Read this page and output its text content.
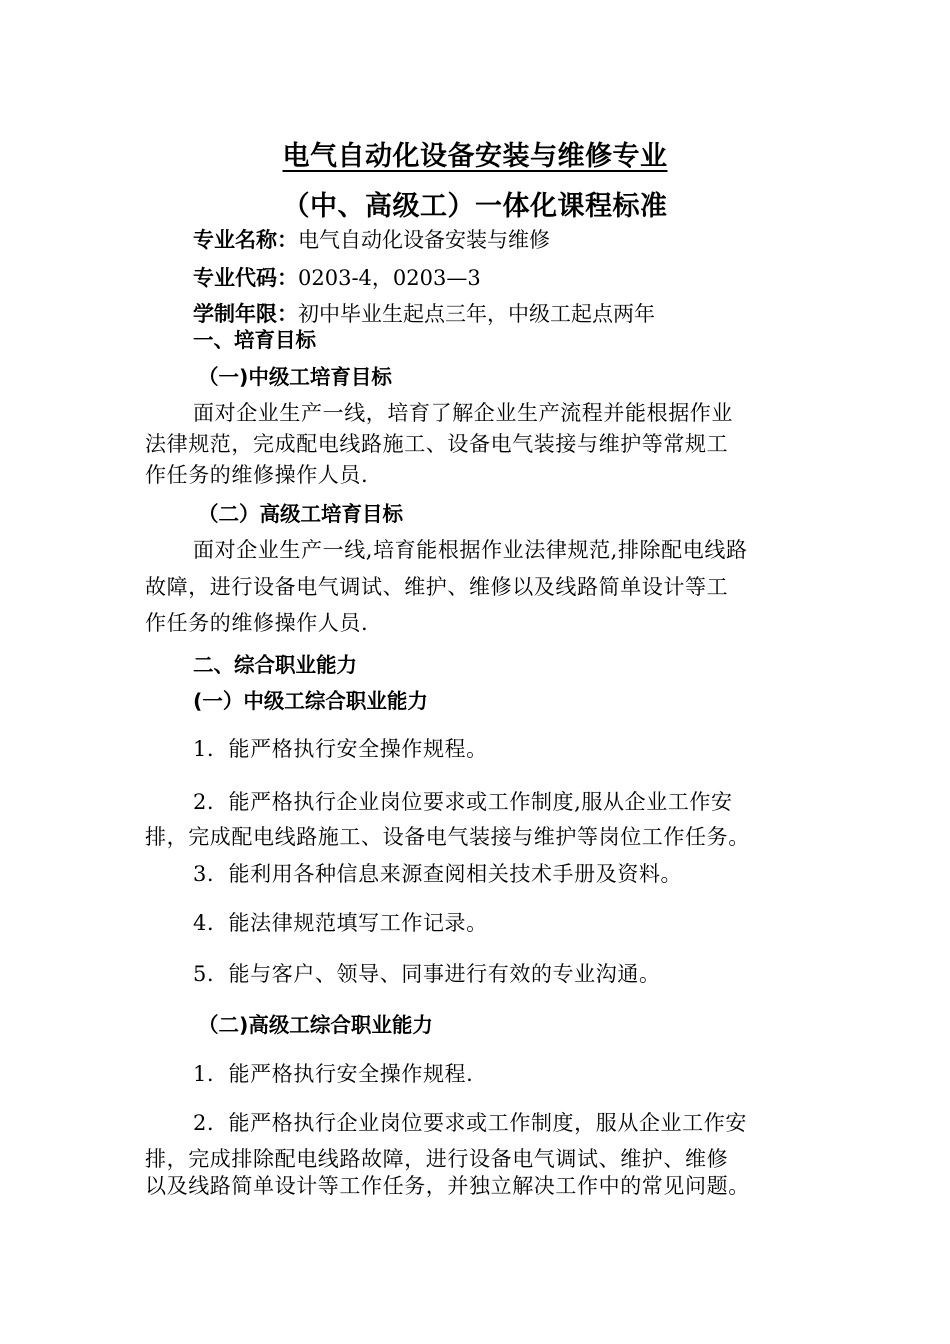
电气自动化设备安装与维修专业
（中、高级工）一体化课程标准
专业名称：电气自动化设备安装与维修
专业代码：0203-4，0203—3
学制年限：初中毕业生起点三年，中级工起点两年
一、培育目标
（一)中级工培育目标
面对企业生产一线，培育了解企业生产流程并能根据作业
法律规范，完成配电线路施工、设备电气装接与维护等常规工
作任务的维修操作人员.
（二）高级工培育目标
面对企业生产一线,培育能根据作业法律规范,排除配电线路
故障，进行设备电气调试、维护、维修以及线路简单设计等工
作任务的维修操作人员.
二、综合职业能力
(一）中级工综合职业能力
1．能严格执行安全操作规程。
2．能严格执行企业岗位要求或工作制度,服从企业工作安
排，完成配电线路施工、设备电气装接与维护等岗位工作任务。
3．能利用各种信息来源查阅相关技术手册及资料。
4．能法律规范填写工作记录。
5．能与客户、领导、同事进行有效的专业沟通。
（二)高级工综合职业能力
1．能严格执行安全操作规程.
2．能严格执行企业岗位要求或工作制度，服从企业工作安
排，完成排除配电线路故障，进行设备电气调试、维护、维修
以及线路简单设计等工作任务，并独立解决工作中的常见问题。
